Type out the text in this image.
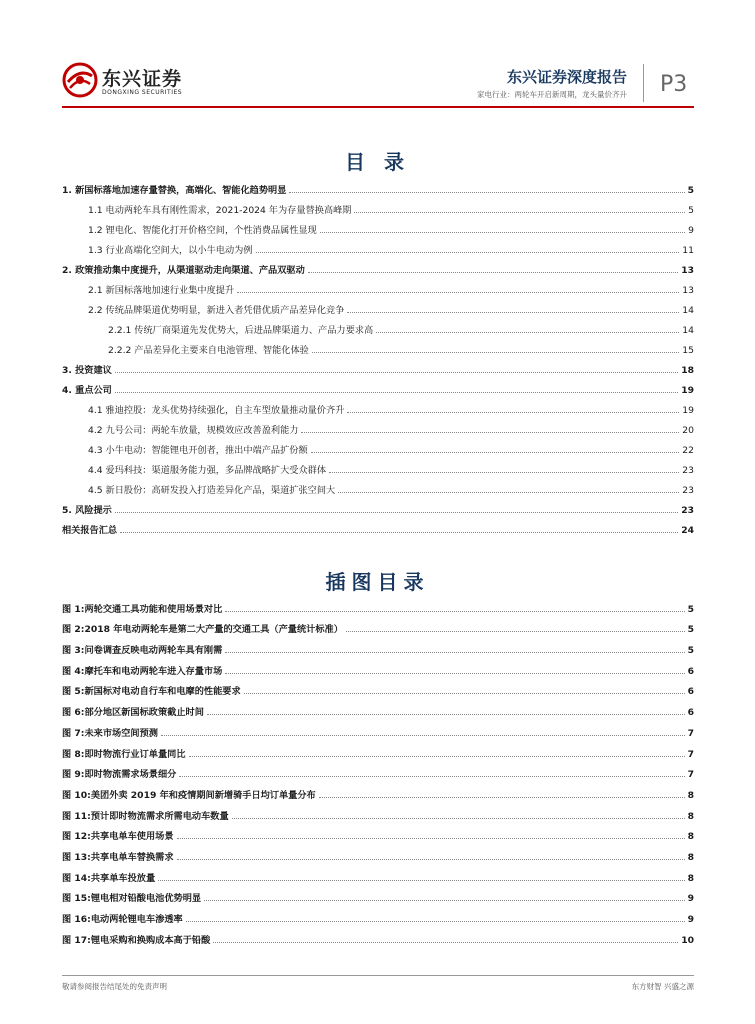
东兴证券
DONGXING SECURITIES
东兴证券深度报告
家电行业：两轮车开启新周期，龙头量价齐升 P3
目 录
1. 新国标落地加速存量替换，高端化、智能化趋势明显	5
1.1 电动两轮车具有刚性需求，2021-2024 年为存量替换高峰期	5
1.2 锂电化、智能化打开价格空间，个性消费品属性显现	9
1.3 行业高端化空间大，以小牛电动为例	11
2. 政策推动集中度提升，从渠道驱动走向渠道、产品双驱动	13
2.1 新国标落地加速行业集中度提升	13
2.2 传统品牌渠道优势明显，新进入者凭借优质产品差异化竞争	14
2.2.1 传统厂商渠道先发优势大，后进品牌渠道力、产品力要求高	14
2.2.2 产品差异化主要来自电池管理、智能化体验	15
3. 投资建议	18
4. 重点公司	19
4.1 雅迪控股：龙头优势持续强化，自主车型放量推动量价齐升	19
4.2 九号公司：两轮车放量，规模效应改善盈利能力	20
4.3 小牛电动：智能锂电开创者，推出中端产品扩份额	22
4.4 爱玛科技：渠道服务能力强，多品牌战略扩大受众群体	23
4.5 新日股份：高研发投入打造差异化产品，渠道扩张空间大	23
5. 风险提示	23
相关报告汇总	24
插图目录
图 1:两轮交通工具功能和使用场景对比	5
图 2:2018 年电动两轮车是第二大产量的交通工具（产量统计标准）	5
图 3:问卷调查反映电动两轮车具有刚需	5
图 4:摩托车和电动两轮车进入存量市场	6
图 5:新国标对电动自行车和电摩的性能要求	6
图 6:部分地区新国标政策截止时间	6
图 7:未来市场空间预测	7
图 8:即时物流行业订单量同比	7
图 9:即时物流需求场景细分	7
图 10:美团外卖 2019 年和疫情期间新增骑手日均订单量分布	8
图 11:预计即时物流需求所需电动车数量	8
图 12:共享电单车使用场景	8
图 13:共享电单车替换需求	8
图 14:共享单车投放量	8
图 15:锂电相对铅酸电池优势明显	9
图 16:电动两轮锂电车渗透率	9
图 17:锂电采购和换购成本高于铅酸	10
敬请参阅报告结尾处的免责声明	东方财智 兴盛之源
